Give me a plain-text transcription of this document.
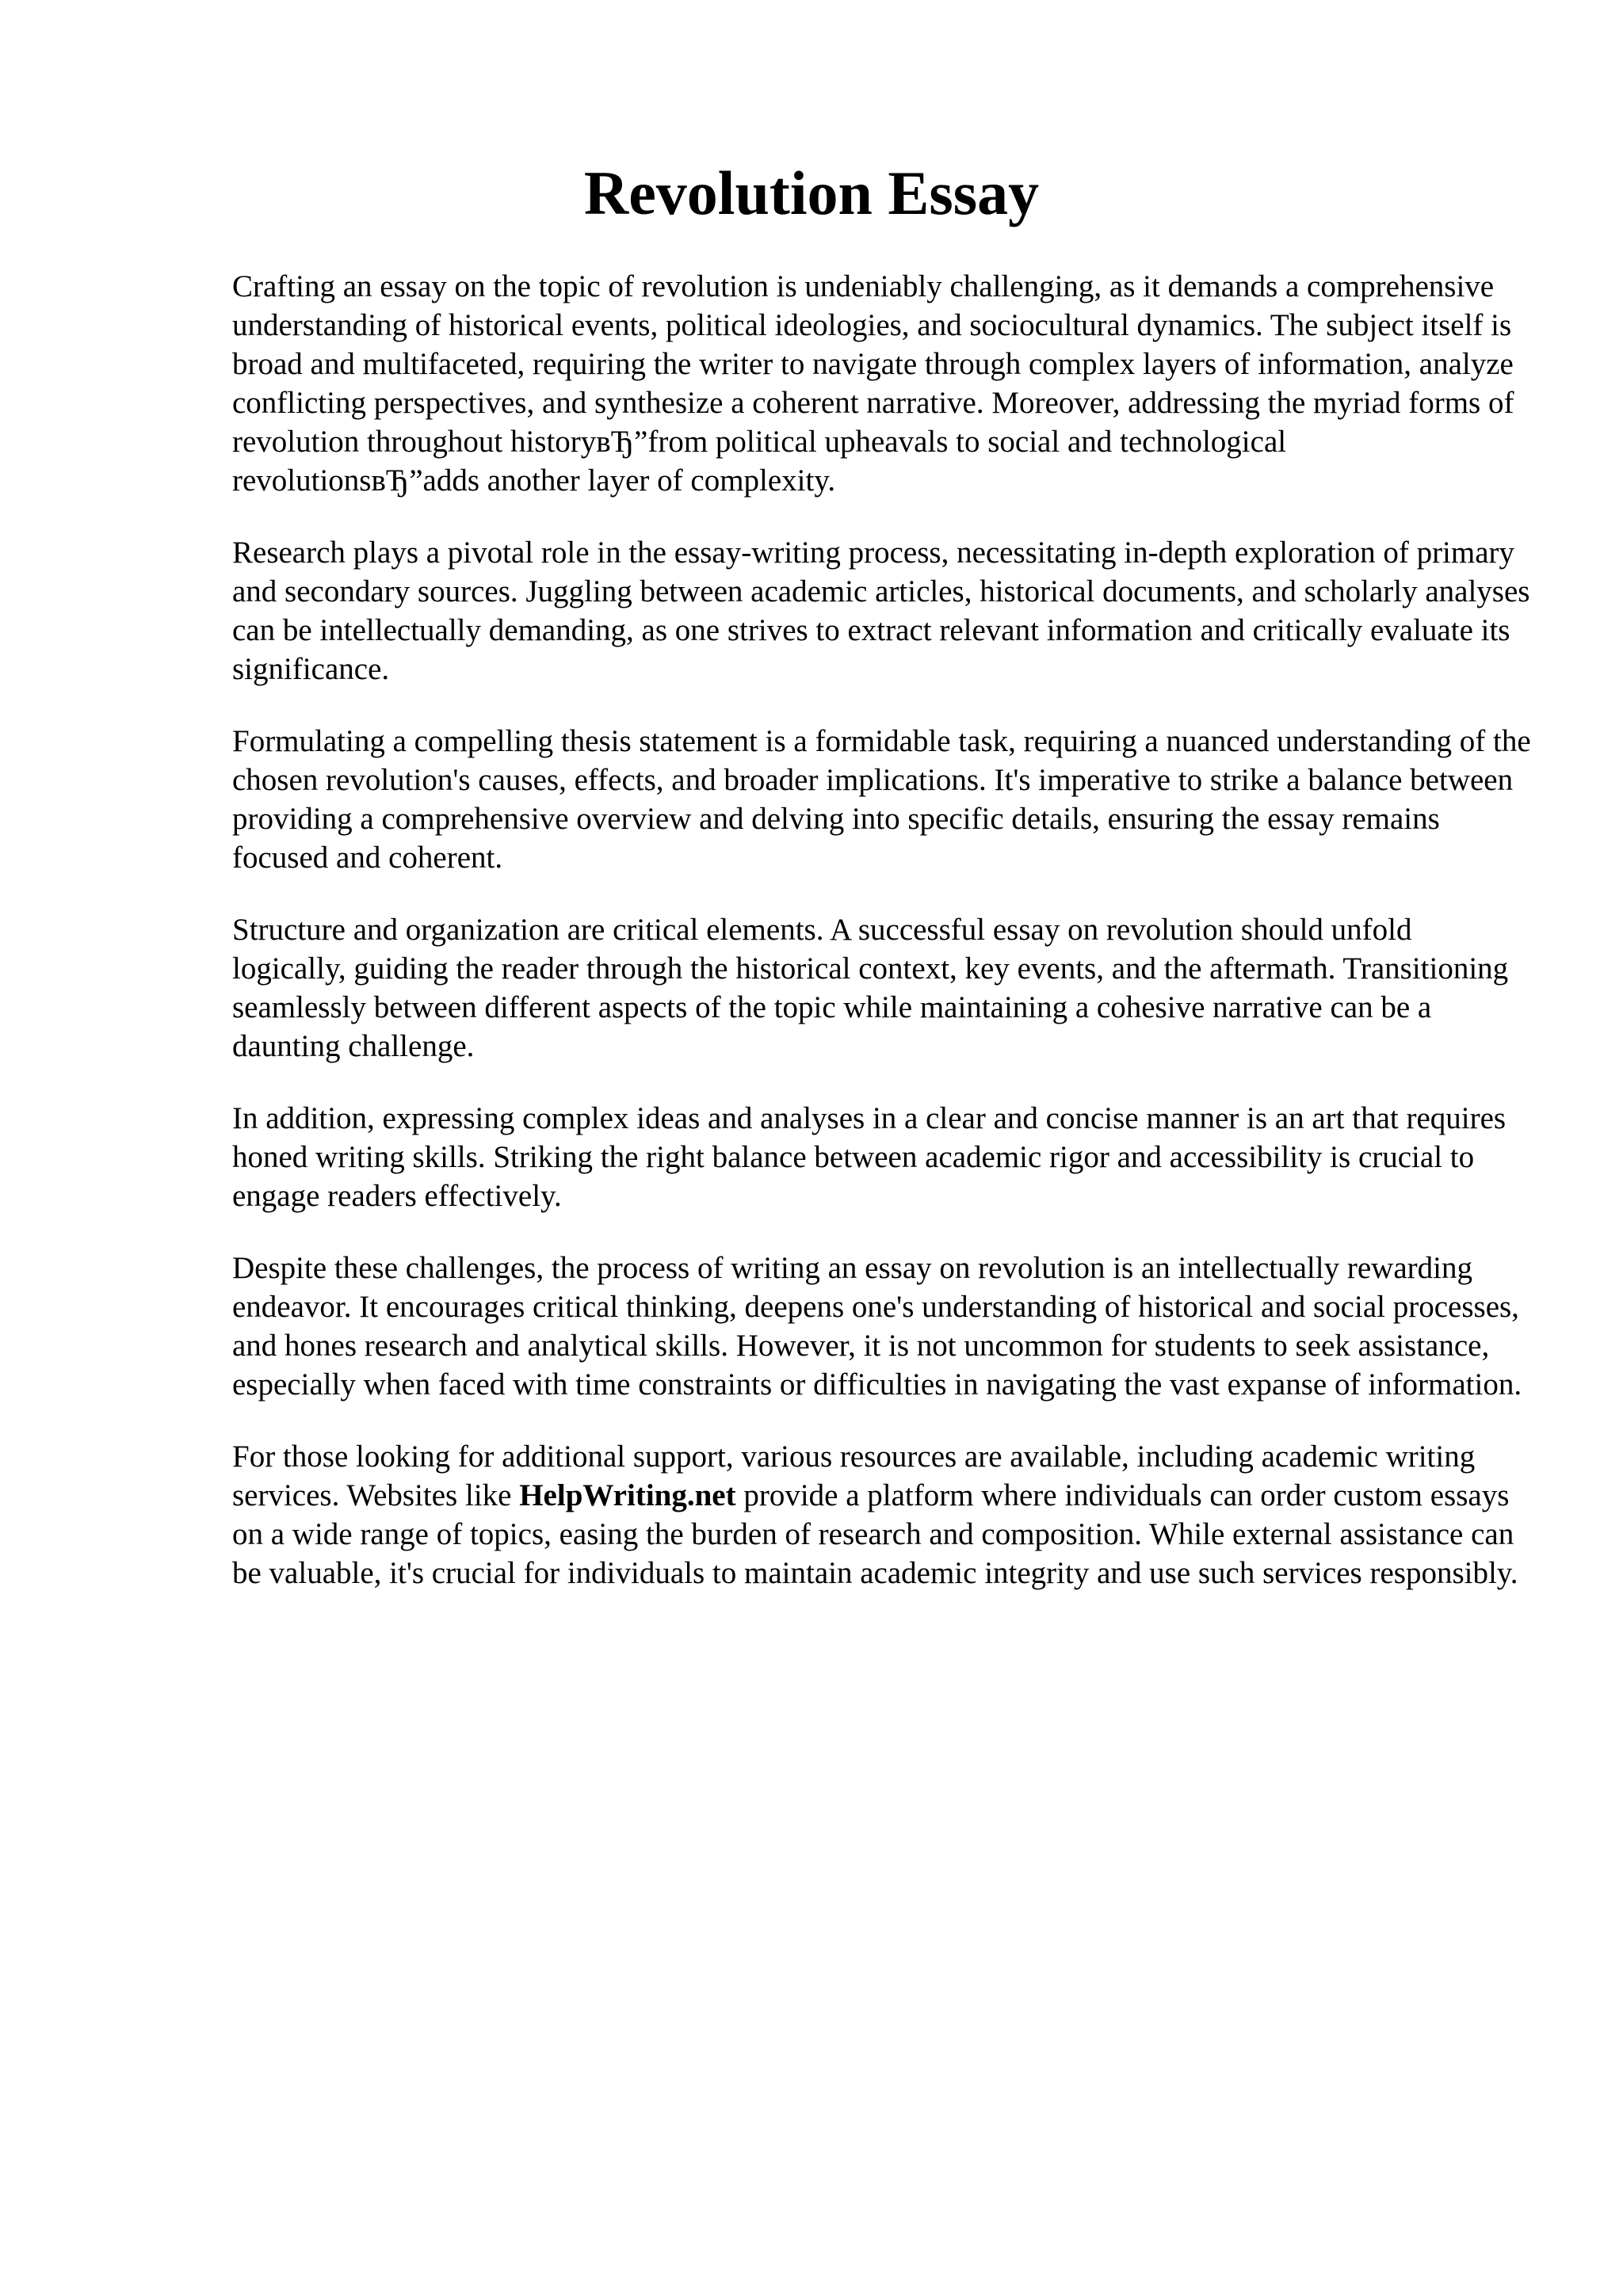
Revolution Essay

Crafting an essay on the topic of revolution is undeniably challenging, as it demands a comprehensive understanding of historical events, political ideologies, and sociocultural dynamics. The subject itself is broad and multifaceted, requiring the writer to navigate through complex layers of information, analyze conflicting perspectives, and synthesize a coherent narrative. Moreover, addressing the myriad forms of revolution throughout historyвЂ”from political upheavals to social and technological revolutionsвЂ”adds another layer of complexity.

Research plays a pivotal role in the essay-writing process, necessitating in-depth exploration of primary and secondary sources. Juggling between academic articles, historical documents, and scholarly analyses can be intellectually demanding, as one strives to extract relevant information and critically evaluate its significance.

Formulating a compelling thesis statement is a formidable task, requiring a nuanced understanding of the chosen revolution's causes, effects, and broader implications. It's imperative to strike a balance between providing a comprehensive overview and delving into specific details, ensuring the essay remains focused and coherent.

Structure and organization are critical elements. A successful essay on revolution should unfold logically, guiding the reader through the historical context, key events, and the aftermath. Transitioning seamlessly between different aspects of the topic while maintaining a cohesive narrative can be a daunting challenge.

In addition, expressing complex ideas and analyses in a clear and concise manner is an art that requires honed writing skills. Striking the right balance between academic rigor and accessibility is crucial to engage readers effectively.

Despite these challenges, the process of writing an essay on revolution is an intellectually rewarding endeavor. It encourages critical thinking, deepens one's understanding of historical and social processes, and hones research and analytical skills. However, it is not uncommon for students to seek assistance, especially when faced with time constraints or difficulties in navigating the vast expanse of information.

For those looking for additional support, various resources are available, including academic writing services. Websites like HelpWriting.net provide a platform where individuals can order custom essays on a wide range of topics, easing the burden of research and composition. While external assistance can be valuable, it's crucial for individuals to maintain academic integrity and use such services responsibly.
